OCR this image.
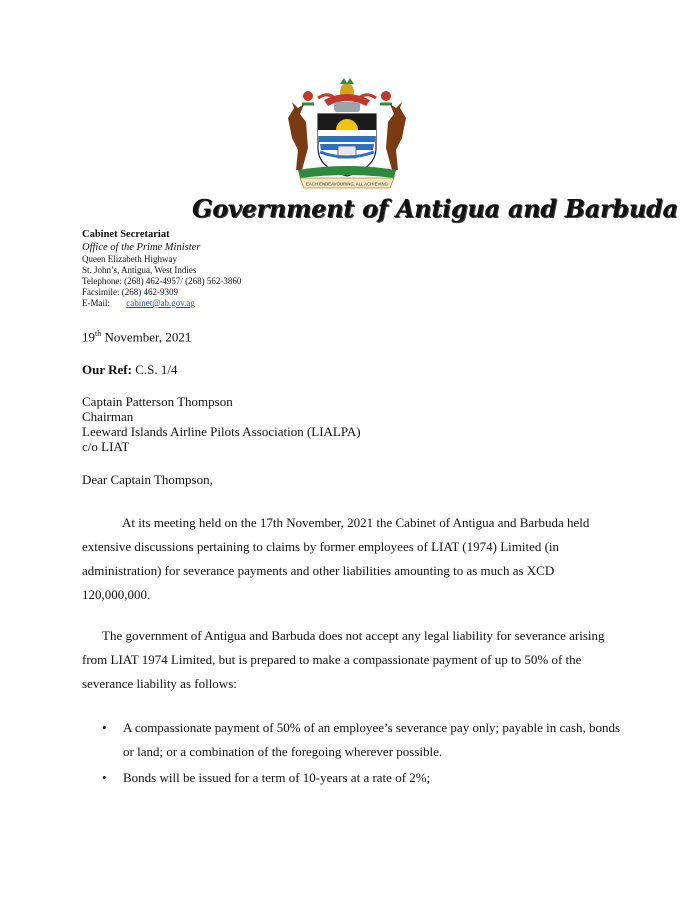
EACH ENDEAVOURING, ALL ACHIEVING
Government of Antigua and Barbuda
Cabinet Secretariat
Office of the Prime Minister
Queen Elizabeth Highway
St. John’s, Antigua, West Indies
Telephone: (268) 462-4957/ (268) 562-3860
Facsimile: (268) 462-9309
E-Mail: cabinet@ab.gov.ag
19th November, 2021
Our Ref: C.S. 1/4
Captain Patterson Thompson
Chairman
Leeward Islands Airline Pilots Association (LIALPA)
c/o LIAT
Dear Captain Thompson,
At its meeting held on the 17th November, 2021 the Cabinet of Antigua and Barbuda held extensive discussions pertaining to claims by former employees of LIAT (1974) Limited (in administration) for severance payments and other liabilities amounting to as much as XCD 120,000,000.
The government of Antigua and Barbuda does not accept any legal liability for severance arising from LIAT 1974 Limited, but is prepared to make a compassionate payment of up to 50% of the severance liability as follows:
• A compassionate payment of 50% of an employee’s severance pay only; payable in cash, bonds or land; or a combination of the foregoing wherever possible.
• Bonds will be issued for a term of 10-years at a rate of 2%;
